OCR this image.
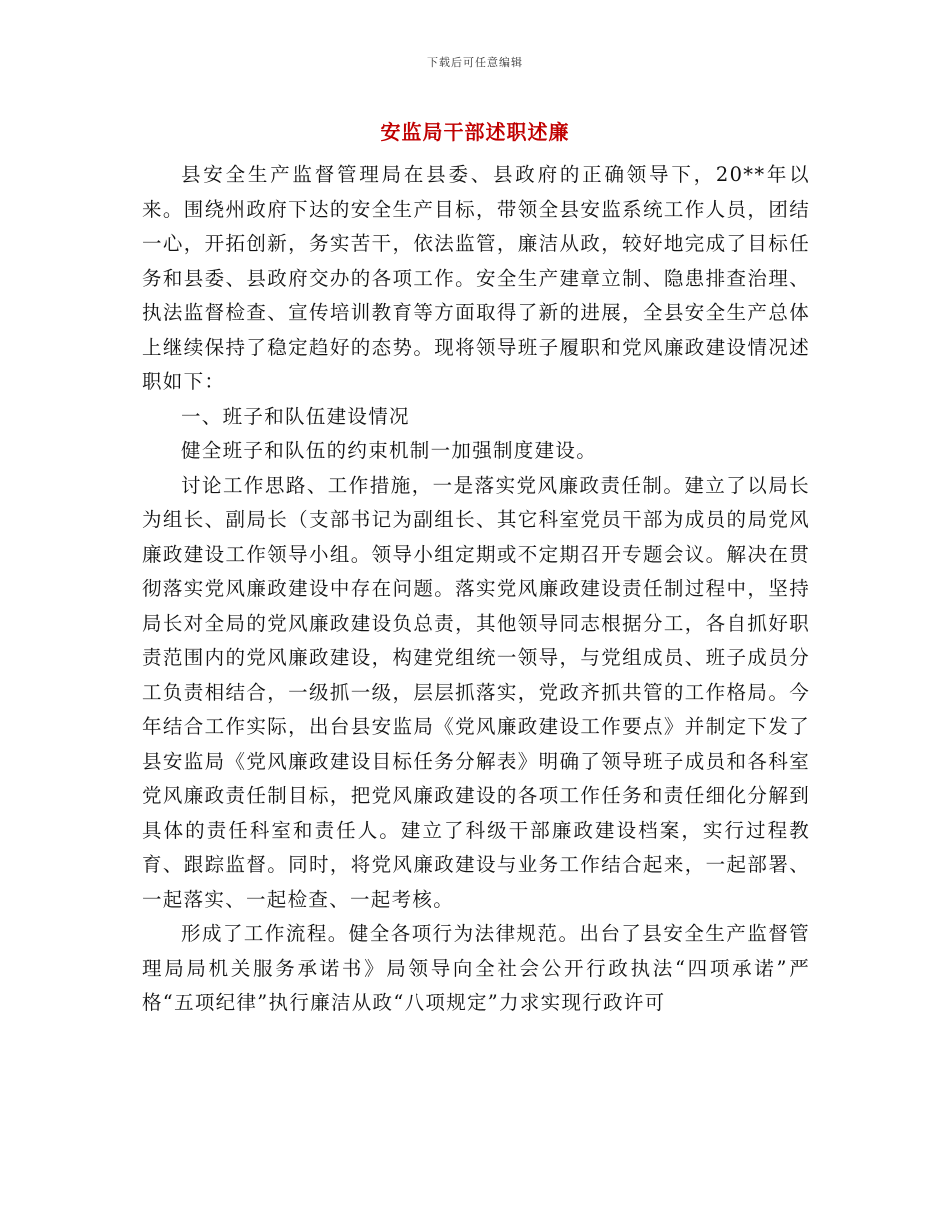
下载后可任意编辑
安监局干部述职述廉

县安全生产监督管理局在县委、县政府的正确领导下，20**年以来。围绕州政府下达的安全生产目标，带领全县安监系统工作人员，团结一心，开拓创新，务实苦干，依法监管，廉洁从政，较好地完成了目标任务和县委、县政府交办的各项工作。安全生产建章立制、隐患排查治理、执法监督检查、宣传培训教育等方面取得了新的进展，全县安全生产总体上继续保持了稳定趋好的态势。现将领导班子履职和党风廉政建设情况述职如下：

一、班子和队伍建设情况

健全班子和队伍的约束机制一加强制度建设。

讨论工作思路、工作措施，一是落实党风廉政责任制。建立了以局长为组长、副局长（支部书记为副组长、其它科室党员干部为成员的局党风廉政建设工作领导小组。领导小组定期或不定期召开专题会议。解决在贯彻落实党风廉政建设中存在问题。落实党风廉政建设责任制过程中，坚持局长对全局的党风廉政建设负总责，其他领导同志根据分工，各自抓好职责范围内的党风廉政建设，构建党组统一领导，与党组成员、班子成员分工负责相结合，一级抓一级，层层抓落实，党政齐抓共管的工作格局。今年结合工作实际，出台县安监局《党风廉政建设工作要点》并制定下发了县安监局《党风廉政建设目标任务分解表》明确了领导班子成员和各科室党风廉政责任制目标，把党风廉政建设的各项工作任务和责任细化分解到具体的责任科室和责任人。建立了科级干部廉政建设档案，实行过程教育、跟踪监督。同时，将党风廉政建设与业务工作结合起来，一起部署、一起落实、一起检查、一起考核。

形成了工作流程。健全各项行为法律规范。出台了县安全生产监督管理局局机关服务承诺书》局领导向全社会公开行政执法“四项承诺”严格“五项纪律”执行廉洁从政“八项规定”力求实现行政许可
